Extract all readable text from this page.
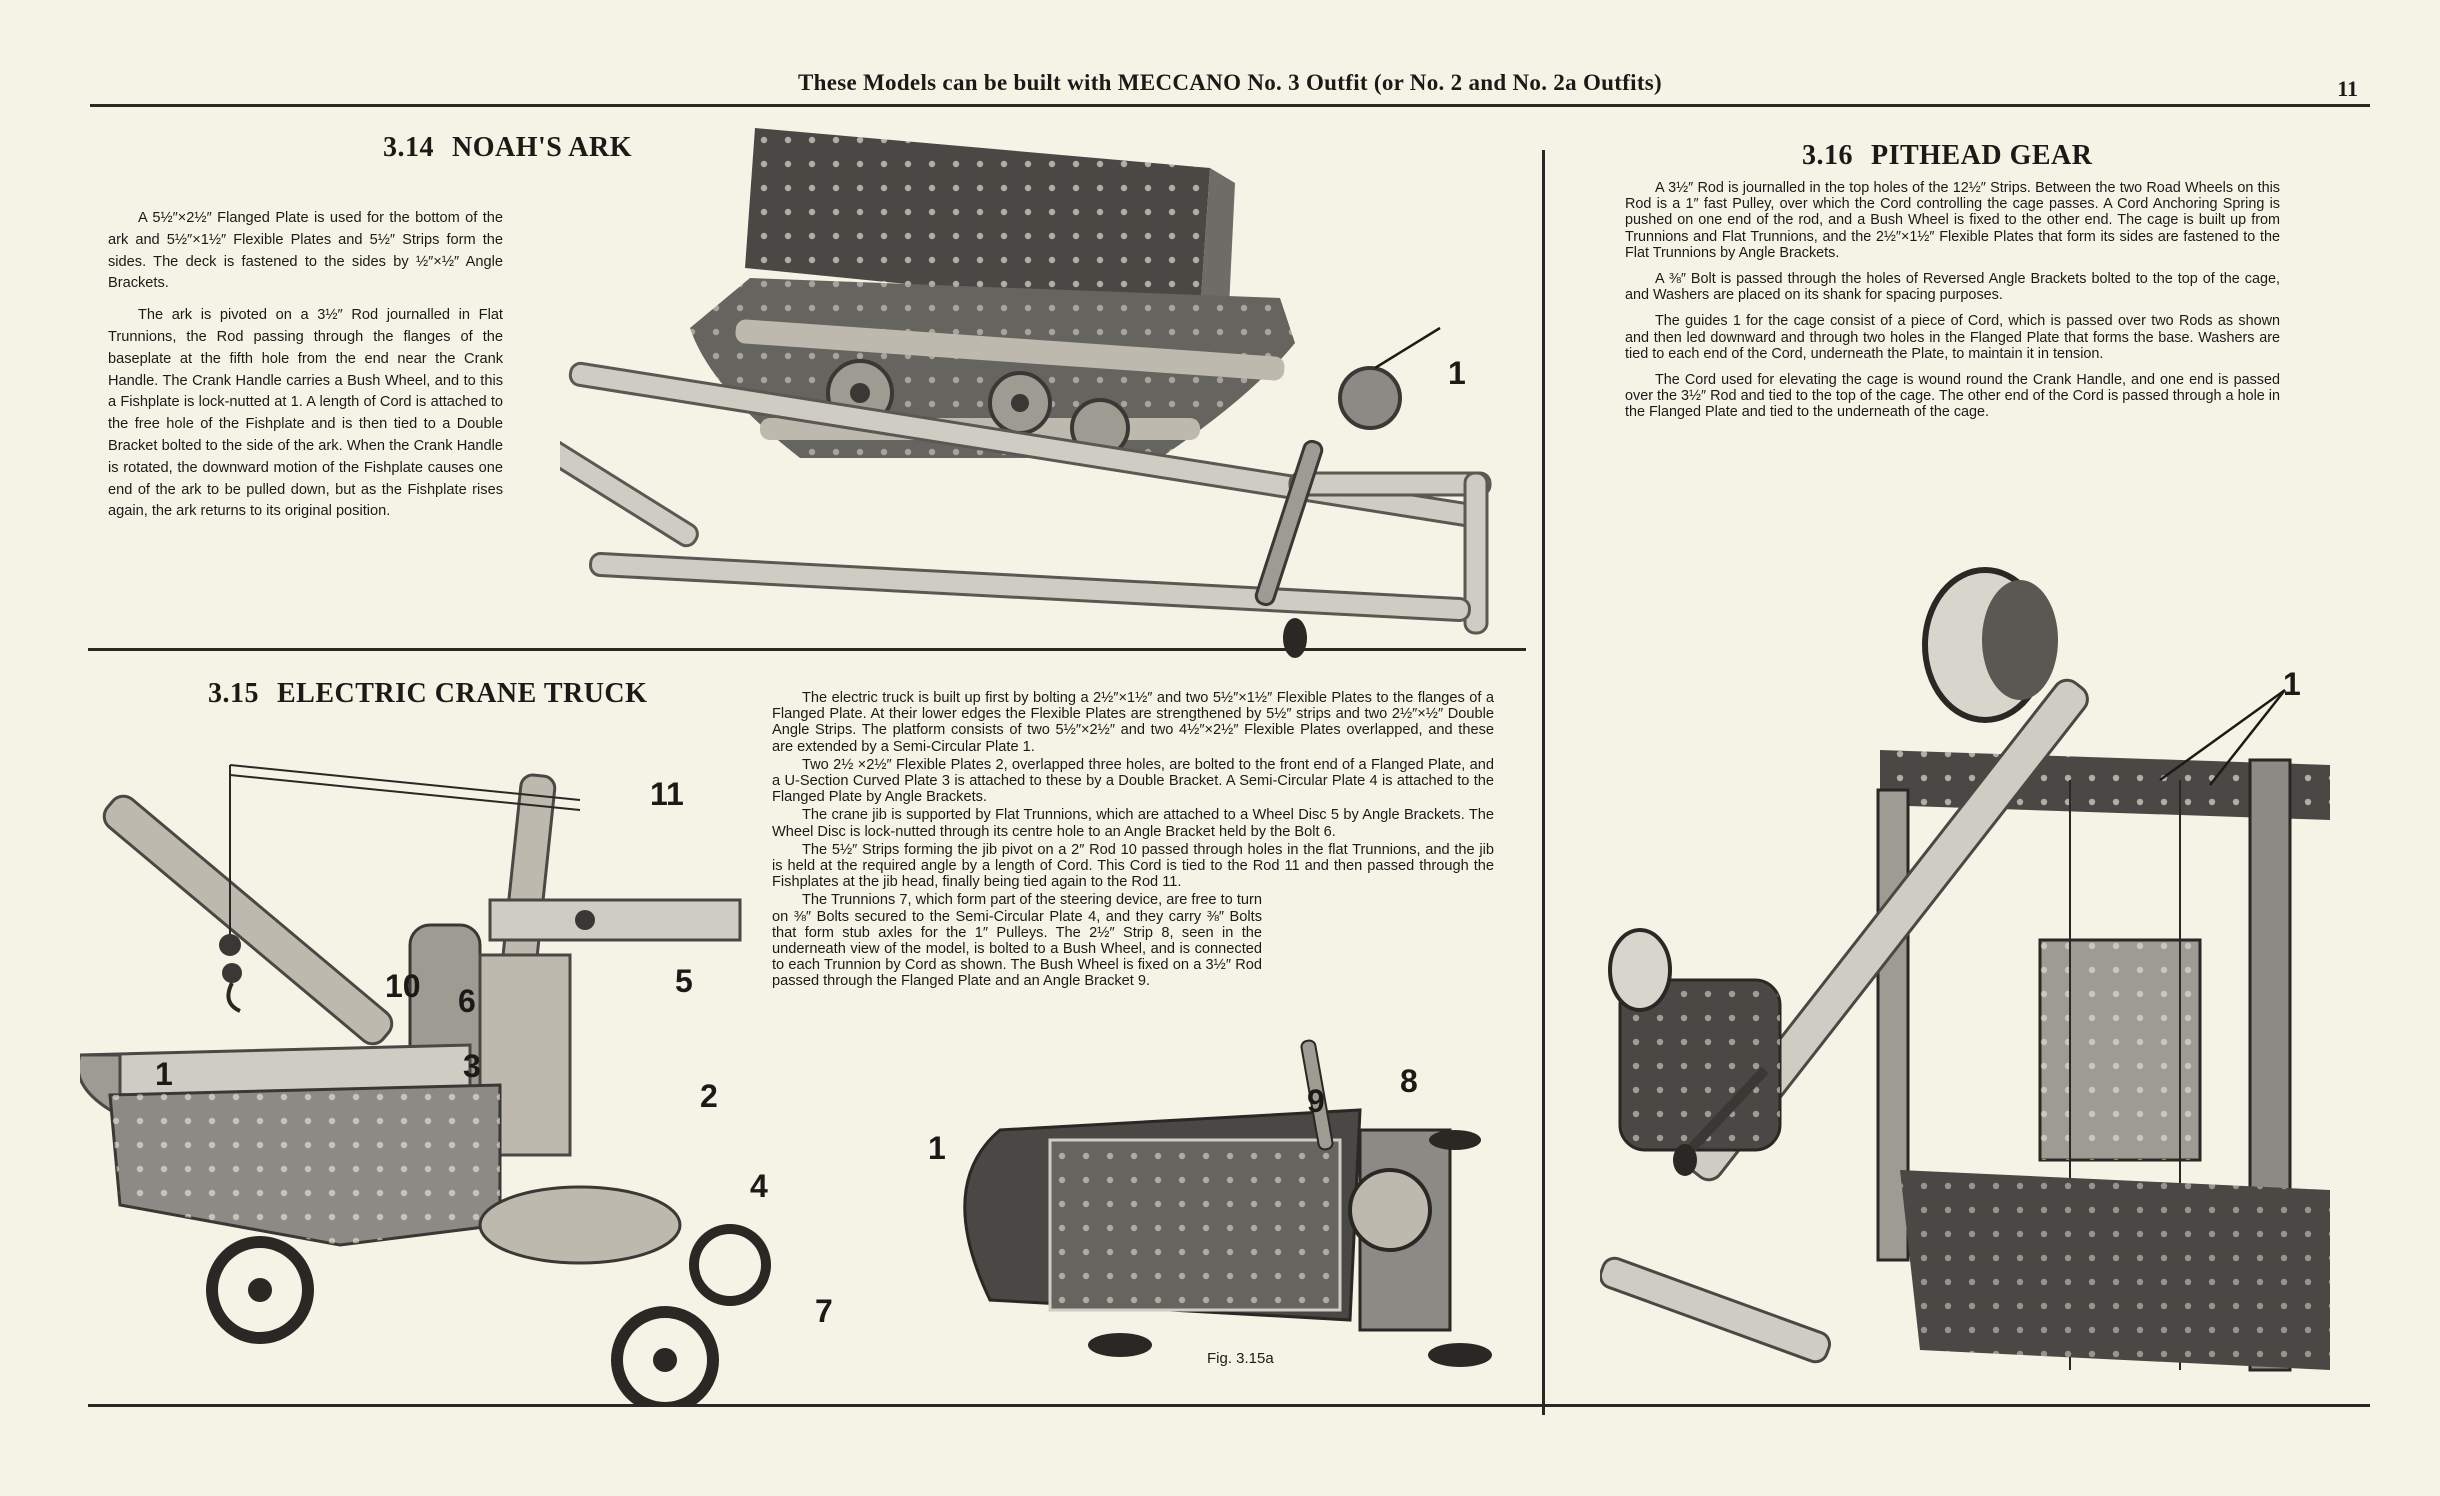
These Models can be built with MECCANO No. 3 Outfit (or No. 2 and No. 2a Outfits)	11
3.14 NOAH'S ARK

A 5½″×2½″ Flanged Plate is used for the bottom of the ark and 5½″×1½″ Flexible Plates and 5½″ Strips form the sides. The deck is fastened to the sides by ½″×½″ Angle Brackets.

The ark is pivoted on a 3½″ Rod journalled in Flat Trunnions, the Rod passing through the flanges of the baseplate at the fifth hole from the end near the Crank Handle. The Crank Handle carries a Bush Wheel, and to this a Fishplate is lock-nutted at 1. A length of Cord is attached to the free hole of the Fishplate and is then tied to a Double Bracket bolted to the side of the ark. When the Crank Handle is rotated, the downward motion of the Fishplate causes one end of the ark to be pulled down, but as the Fishplate rises again, the ark returns to its original position.

1
3.15 ELECTRIC CRANE TRUCK	The electric truck is built up first by bolting a 2½″×1½″ and two 5½″×1½″ Flexible Plates to the flanges of a Flanged Plate. At their lower edges the Flexible Plates are strengthened by 5½″ strips and two 2½″×½″ Double Angle Strips. The platform consists of two 5½″×2½″ and two 4½″×2½″ Flexible Plates overlapped, and these are extended by a Semi-Circular Plate 1.

Two 2½ ×2½″ Flexible Plates 2, overlapped three holes, are bolted to the front end of a Flanged Plate, and a U-Section Curved Plate 3 is attached to these by a Double Bracket. A Semi-Circular Plate 4 is attached to the Flanged Plate by Angle Brackets.

The crane jib is supported by Flat Trunnions, which are attached to a Wheel Disc 5 by Angle Brackets. The Wheel Disc is lock-nutted through its centre hole to an Angle Bracket held by the Bolt 6.

The 5½″ Strips forming the jib pivot on a 2″ Rod 10 passed through holes in the flat Trunnions, and the jib is held at the required angle by a length of Cord. This Cord is tied to the Rod 11 and then passed through the Fishplates at the jib head, finally being tied again to the Rod 11.

The Trunnions 7, which form part of the steering device, are free to turn on ⅜″ Bolts secured to the Semi-Circular Plate 4, and they carry ⅜″ Bolts that form stub axles for the 1″ Pulleys. The 2½″ Strip 8, seen in the underneath view of the model, is bolted to a Bush Wheel, and is connected to each Trunnion by Cord as shown. The Bush Wheel is fixed on a 3½″ Rod passed through the Flanged Plate and an Angle Bracket 9.

11
10 6
5
3
2
1
4
7
1
9
8
Fig. 3.15a
3.16 PITHEAD GEAR

A 3½″ Rod is journalled in the top holes of the 12½″ Strips. Between the two Road Wheels on this Rod is a 1″ fast Pulley, over which the Cord controlling the cage passes. A Cord Anchoring Spring is pushed on one end of the rod, and a Bush Wheel is fixed to the other end. The cage is built up from Trunnions and Flat Trunnions, and the 2½″×1½″ Flexible Plates that form its sides are fastened to the Flat Trunnions by Angle Brackets.

A ⅜″ Bolt is passed through the holes of Reversed Angle Brackets bolted to the top of the cage, and Washers are placed on its shank for spacing purposes.

The guides 1 for the cage consist of a piece of Cord, which is passed over two Rods as shown and then led downward and through two holes in the Flanged Plate that forms the base. Washers are tied to each end of the Cord, underneath the Plate, to maintain it in tension.

The Cord used for elevating the cage is wound round the Crank Handle, and one end is passed over the 3½″ Rod and tied to the top of the cage. The other end of the Cord is passed through a hole in the Flanged Plate and tied to the underneath of the cage.

1
